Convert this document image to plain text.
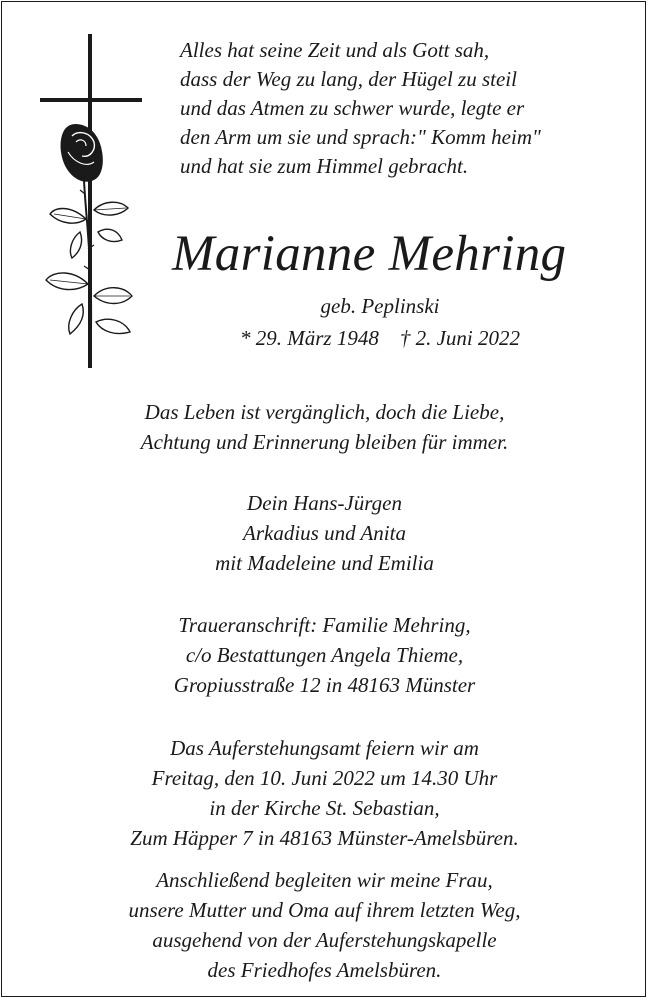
Alles hat seine Zeit und als Gott sah,
dass der Weg zu lang, der Hügel zu steil
und das Atmen zu schwer wurde, legte er
den Arm um sie und sprach:" Komm heim"
und hat sie zum Himmel gebracht.
Marianne Mehring
geb. Peplinski
* 29. März 1948    † 2. Juni 2022
Das Leben ist vergänglich, doch die Liebe,
Achtung und Erinnerung bleiben für immer.
Dein Hans-Jürgen
Arkadius und Anita
mit Madeleine und Emilia
Traueranschrift: Familie Mehring,
c/o Bestattungen Angela Thieme,
Gropiusstraße 12 in 48163 Münster
Das Auferstehungsamt feiern wir am
Freitag, den 10. Juni 2022 um 14.30 Uhr
in der Kirche St. Sebastian,
Zum Häpper 7 in 48163 Münster-Amelsbüren.
Anschließend begleiten wir meine Frau,
unsere Mutter und Oma auf ihrem letzten Weg,
ausgehend von der Auferstehungskapelle
des Friedhofes Amelsbüren.
